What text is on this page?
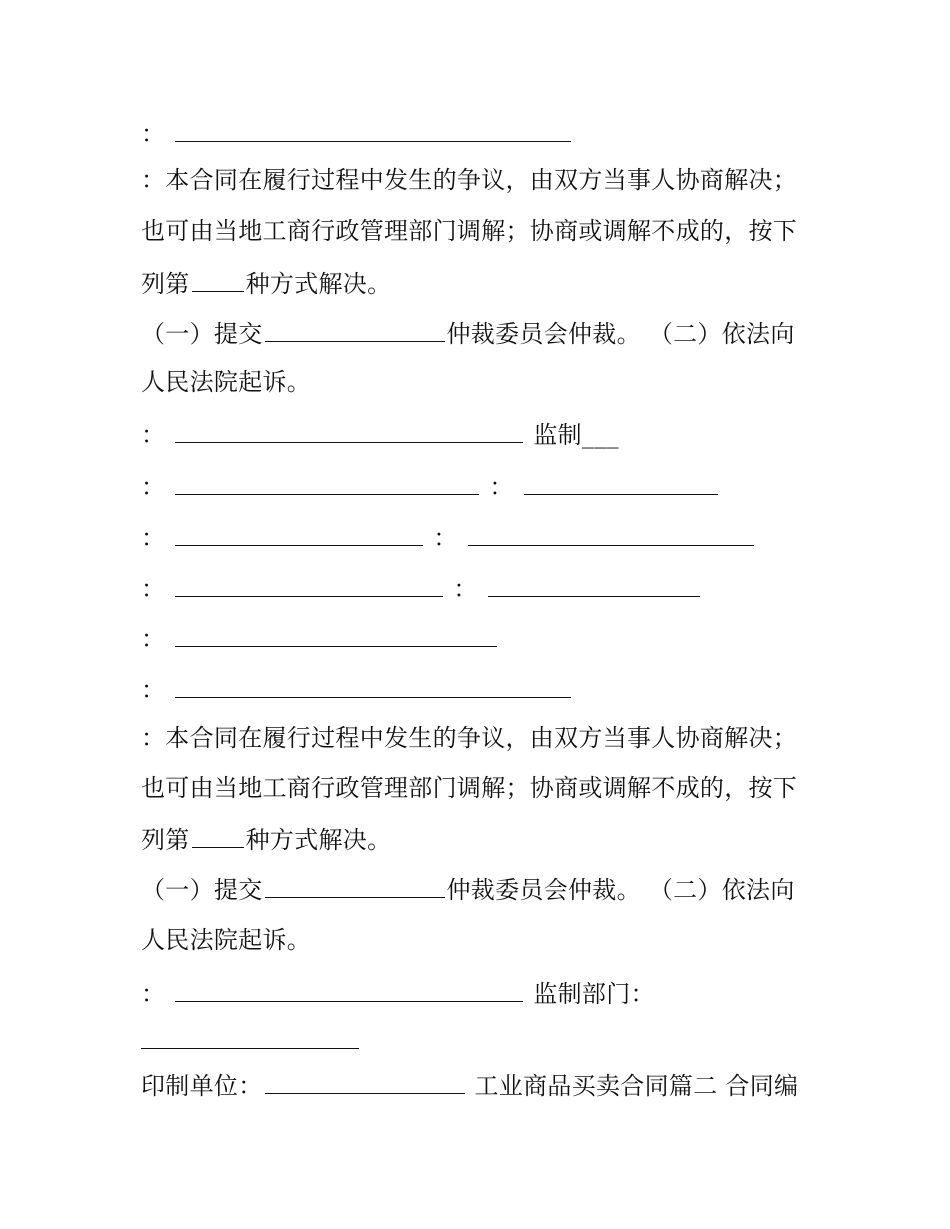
：
：本合同在履行过程中发生的争议，由双方当事人协商解决；
也可由当地工商行政管理部门调解；协商或调解不成的，按下
列第 种方式解决。
（一）提交	仲裁委员会仲裁。 （二）依法向
人民法院起诉。
：	监制___
：	：
：	：
：	：
：
：
：本合同在履行过程中发生的争议，由双方当事人协商解决；
也可由当地工商行政管理部门调解；协商或调解不成的，按下
列第 种方式解决。
（一）提交	仲裁委员会仲裁。 （二）依法向
人民法院起诉。
：	监制部门：
印制单位：	工业商品买卖合同篇二 合同编
